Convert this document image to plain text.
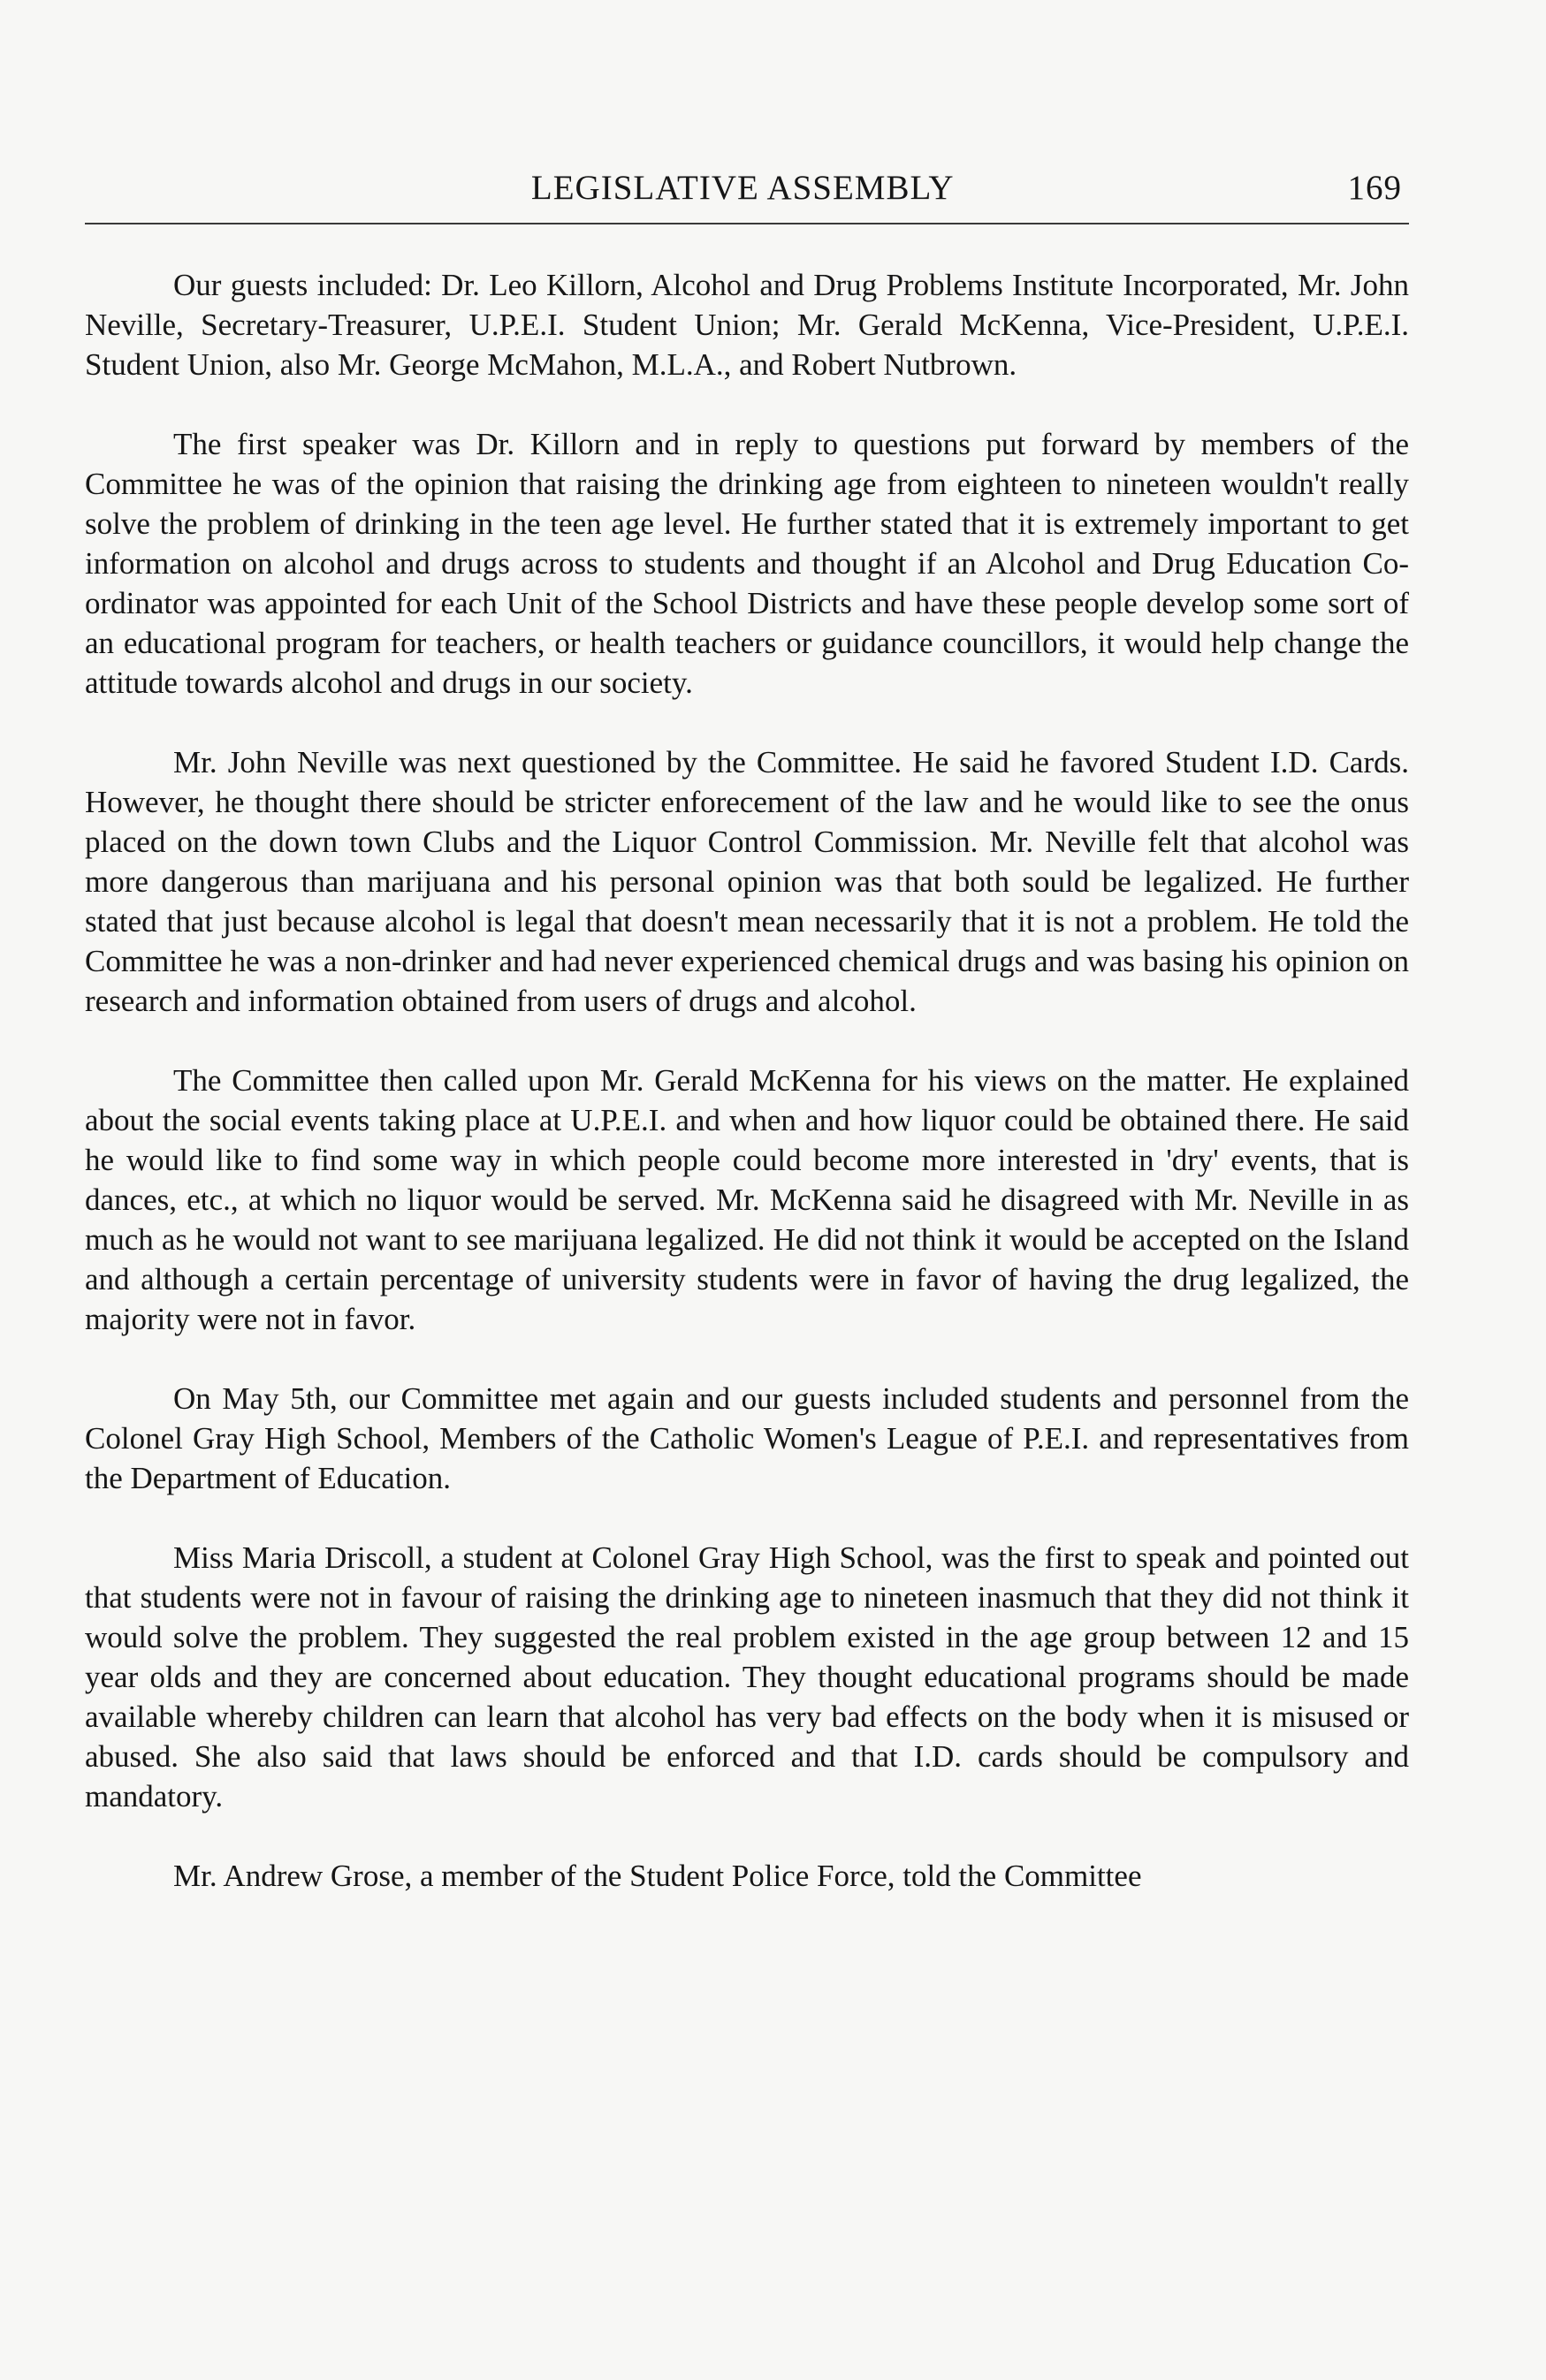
LEGISLATIVE ASSEMBLY	169

Our guests included: Dr. Leo Killorn, Alcohol and Drug Problems Institute Incorporated, Mr. John Neville, Secretary-Treasurer, U.P.E.I. Student Union; Mr. Gerald McKenna, Vice-President, U.P.E.I. Student Union, also Mr. George McMahon, M.L.A., and Robert Nutbrown.

The first speaker was Dr. Killorn and in reply to questions put forward by members of the Committee he was of the opinion that raising the drinking age from eighteen to nineteen wouldn't really solve the problem of drinking in the teen age level. He further stated that it is extremely important to get information on alcohol and drugs across to students and thought if an Alcohol and Drug Education Co-ordinator was appointed for each Unit of the School Districts and have these people develop some sort of an educational program for teachers, or health teachers or guidance councillors, it would help change the attitude towards alcohol and drugs in our society.

Mr. John Neville was next questioned by the Committee. He said he favored Student I.D. Cards. However, he thought there should be stricter enforecement of the law and he would like to see the onus placed on the down town Clubs and the Liquor Control Commission. Mr. Neville felt that alcohol was more dangerous than marijuana and his personal opinion was that both sould be legalized. He further stated that just because alcohol is legal that doesn't mean necessarily that it is not a problem. He told the Committee he was a non-drinker and had never experienced chemical drugs and was basing his opinion on research and information obtained from users of drugs and alcohol.

The Committee then called upon Mr. Gerald McKenna for his views on the matter. He explained about the social events taking place at U.P.E.I. and when and how liquor could be obtained there. He said he would like to find some way in which people could become more interested in 'dry' events, that is dances, etc., at which no liquor would be served. Mr. McKenna said he disagreed with Mr. Neville in as much as he would not want to see marijuana legalized. He did not think it would be accepted on the Island and although a certain percentage of university students were in favor of having the drug legalized, the majority were not in favor.

On May 5th, our Committee met again and our guests included students and personnel from the Colonel Gray High School, Members of the Catholic Women's League of P.E.I. and representatives from the Department of Education.

Miss Maria Driscoll, a student at Colonel Gray High School, was the first to speak and pointed out that students were not in favour of raising the drinking age to nineteen inasmuch that they did not think it would solve the problem. They suggested the real problem existed in the age group between 12 and 15 year olds and they are concerned about education. They thought educational programs should be made available whereby children can learn that alcohol has very bad effects on the body when it is misused or abused. She also said that laws should be enforced and that I.D. cards should be compulsory and mandatory.

Mr. Andrew Grose, a member of the Student Police Force, told the Committee
